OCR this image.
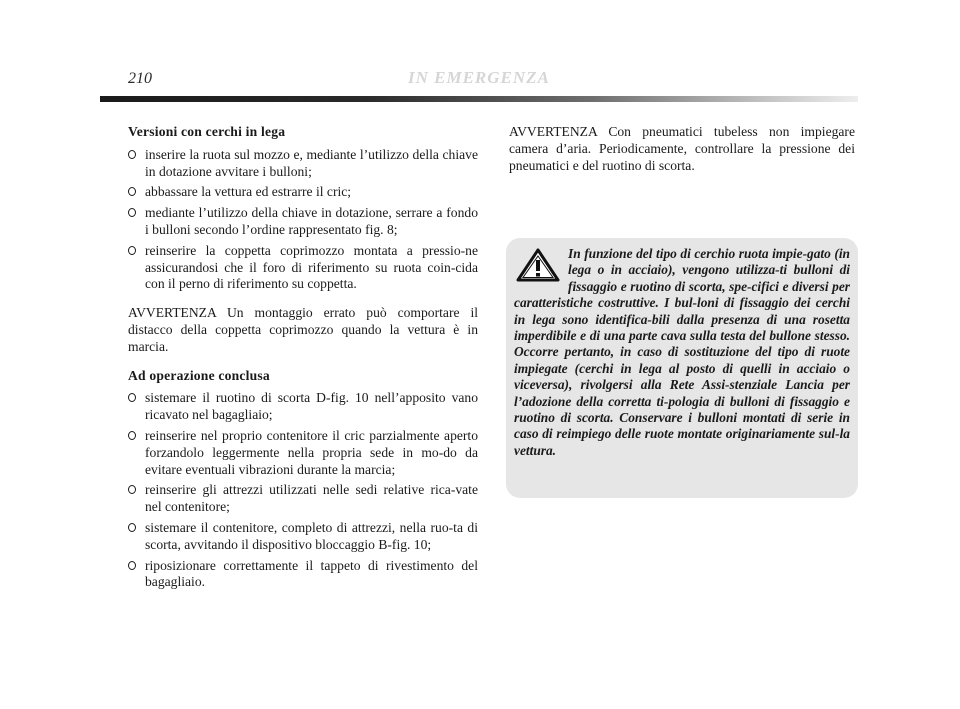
210	IN EMERGENZA
Versioni con cerchi in lega
inserire la ruota sul mozzo e, mediante l’utilizzo della chiave in dotazione avvitare i bulloni;
abbassare la vettura ed estrarre il cric;
mediante l’utilizzo della chiave in dotazione, serrare a fondo i bulloni secondo l’ordine rappresentato fig. 8;
reinserire la coppetta coprimozzo montata a pressio-ne assicurandosi che il foro di riferimento su ruota coin-cida con il perno di riferimento su coppetta.

AVVERTENZA Un montaggio errato può comportare il distacco della coppetta coprimozzo quando la vettura è in marcia.

Ad operazione conclusa
sistemare il ruotino di scorta D-fig. 10 nell’apposito vano ricavato nel bagagliaio;
reinserire nel proprio contenitore il cric parzialmente aperto forzandolo leggermente nella propria sede in mo-do da evitare eventuali vibrazioni durante la marcia;
reinserire gli attrezzi utilizzati nelle sedi relative rica-vate nel contenitore;
sistemare il contenitore, completo di attrezzi, nella ruo-ta di scorta, avvitando il dispositivo bloccaggio B-fig. 10;
riposizionare correttamente il tappeto di rivestimento del bagagliaio.

AVVERTENZA Con pneumatici tubeless non impiegare camera d’aria. Periodicamente, controllare la pressione dei pneumatici e del ruotino di scorta.

In funzione del tipo di cerchio ruota impie-gato (in lega o in acciaio), vengono utilizza-ti bulloni di fissaggio e ruotino di scorta, spe-cifici e diversi per caratteristiche costruttive. I bul-loni di fissaggio dei cerchi in lega sono identifica-bili dalla presenza di una rosetta imperdibile e di una parte cava sulla testa del bullone stesso. Occorre pertanto, in caso di sostituzione del tipo di ruote impiegate (cerchi in lega al posto di quelli in acciaio o viceversa), rivolgersi alla Rete Assi-stenziale Lancia per l’adozione della corretta ti-pologia di bulloni di fissaggio e ruotino di scorta. Conservare i bulloni montati di serie in caso di reimpiego delle ruote montate originariamente sul-la vettura.
